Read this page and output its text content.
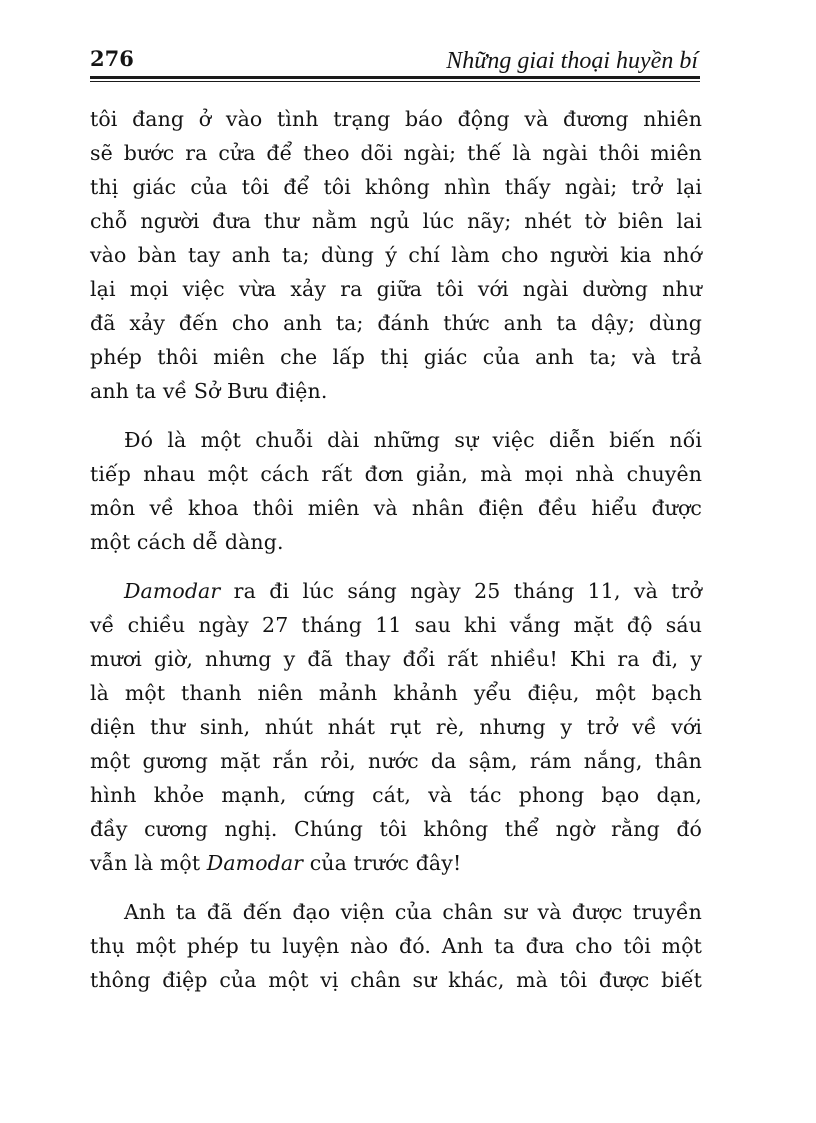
276	Những giai thoại huyền bí
tôi đang ở vào tình trạng báo động và đương nhiên
sẽ bước ra cửa để theo dõi ngài; thế là ngài thôi miên
thị giác của tôi để tôi không nhìn thấy ngài; trở lại
chỗ người đưa thư nằm ngủ lúc nãy; nhét tờ biên lai
vào bàn tay anh ta; dùng ý chí làm cho người kia nhớ
lại mọi việc vừa xảy ra giữa tôi với ngài dường như
đã xảy đến cho anh ta; đánh thức anh ta dậy; dùng
phép thôi miên che lấp thị giác của anh ta; và trả
anh ta về Sở Bưu điện.
Đó là một chuỗi dài những sự việc diễn biến nối
tiếp nhau một cách rất đơn giản, mà mọi nhà chuyên
môn về khoa thôi miên và nhân điện đều hiểu được
một cách dễ dàng.
Damodar ra đi lúc sáng ngày 25 tháng 11, và trở
về chiều ngày 27 tháng 11 sau khi vắng mặt độ sáu
mươi giờ, nhưng y đã thay đổi rất nhiều! Khi ra đi, y
là một thanh niên mảnh khảnh yểu điệu, một bạch
diện thư sinh, nhút nhát rụt rè, nhưng y trở về với
một gương mặt rắn rỏi, nước da sậm, rám nắng, thân
hình khỏe mạnh, cứng cát, và tác phong bạo dạn,
đầy cương nghị. Chúng tôi không thể ngờ rằng đó
vẫn là một Damodar của trước đây!
Anh ta đã đến đạo viện của chân sư và được truyền
thụ một phép tu luyện nào đó. Anh ta đưa cho tôi một
thông điệp của một vị chân sư khác, mà tôi được biết
